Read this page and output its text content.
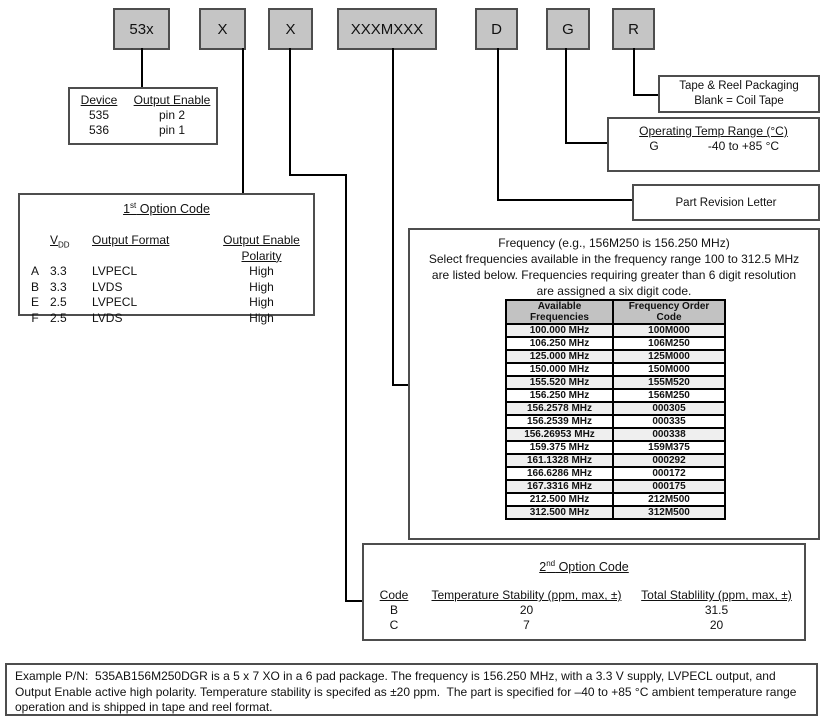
53x	X	X	XXXMXXX	D	G	R
Device	Output Enable
535	pin 2
536	pin 1
Tape & Reel Packaging
Blank = Coil Tape
Operating Temp Range (°C)
G	-40 to +85 °C
Part Revision Letter
1st Option Code
$V_{DD}$	Output Format	Output Enable Polarity
A 3.3	LVPECL	High
B 3.3	LVDS	High
E 2.5	LVPECL	High
F 2.5	LVDS	High
Frequency (e.g., 156M250 is 156.250 MHz)
Select frequencies available in the frequency range 100 to 312.5 MHz
are listed below. Frequencies requiring greater than 6 digit resolution
are assigned a six digit code.
Available Frequencies	Frequency Order Code
100.000 MHz	100M000
106.250 MHz	106M250
125.000 MHz	125M000
150.000 MHz	150M000
155.520 MHz	155M520
156.250 MHz	156M250
156.2578 MHz	000305
156.2539 MHz	000335
156.26953 MHz	000338
159.375 MHz	159M375
161.1328 MHz	000292
166.6286 MHz	000172
167.3316 MHz	000175
212.500 MHz	212M500
312.500 MHz	312M500
2nd Option Code
Code	Temperature Stability (ppm, max, ±)	Total Stablility (ppm, max, ±)
B	20	31.5
C	7	20
Example P/N:  535AB156M250DGR is a 5 x 7 XO in a 6 pad package. The frequency is 156.250 MHz, with a 3.3 V supply, LVPECL output, and Output Enable active high polarity. Temperature stability is specifed as ±20 ppm.  The part is specified for –40 to +85 °C ambient temperature range operation and is shipped in tape and reel format.
